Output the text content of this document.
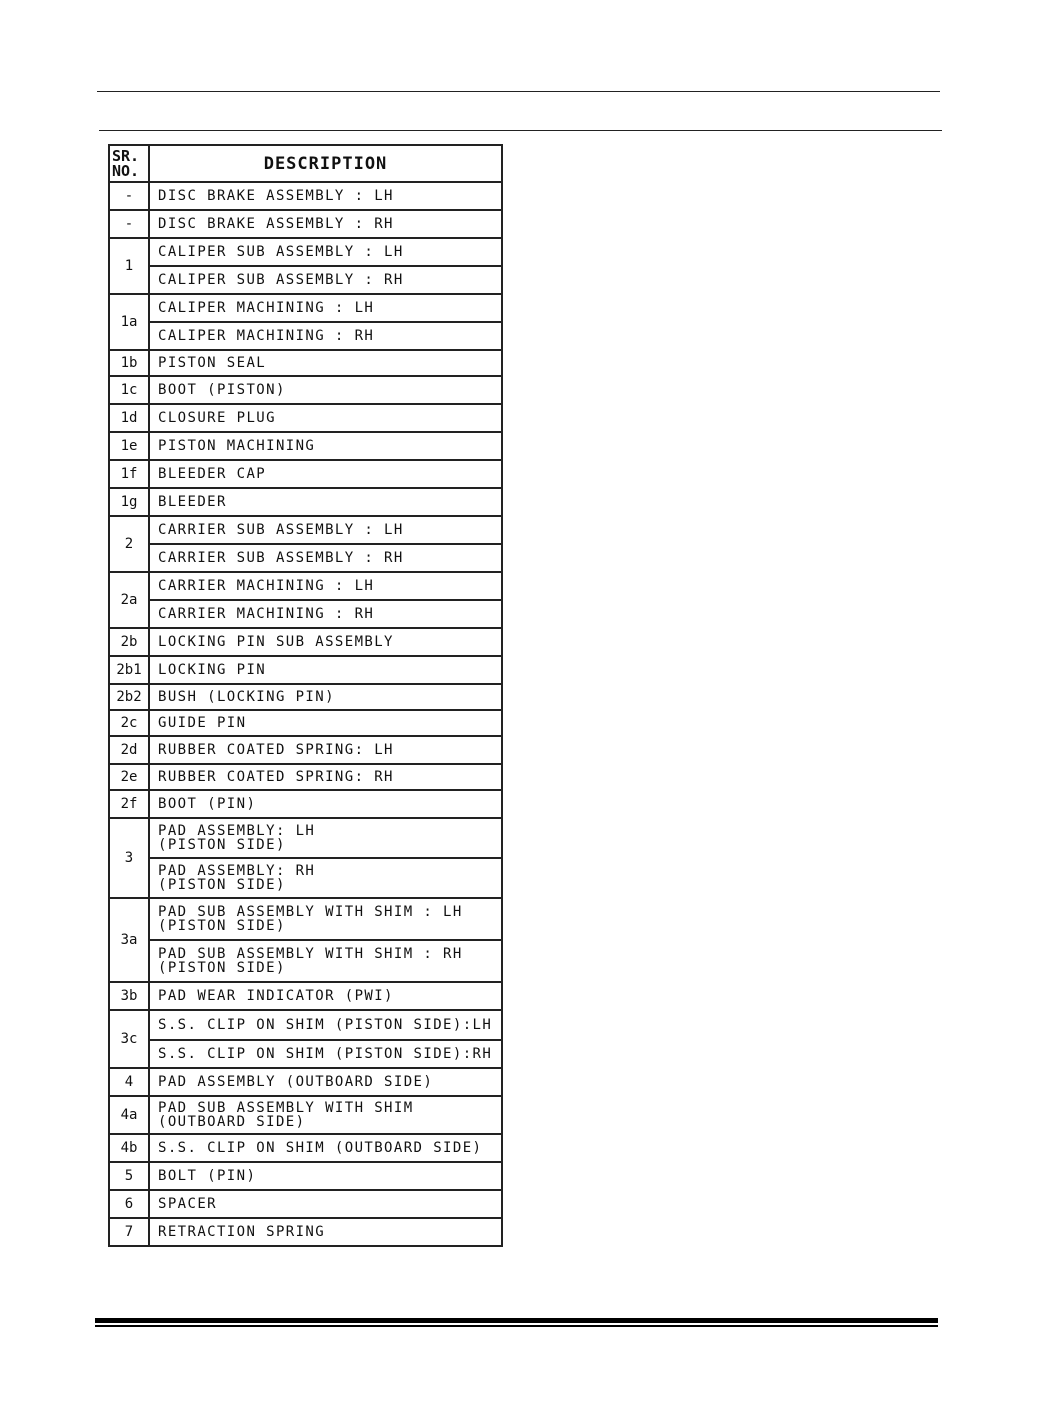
SR.
NO.	DESCRIPTION
-	DISC BRAKE ASSEMBLY : LH

-	DISC BRAKE ASSEMBLY : RH

1	CALIPER SUB ASSEMBLY : LH

	CALIPER SUB ASSEMBLY : RH

1a	CALIPER MACHINING : LH

	CALIPER MACHINING : RH

1b	PISTON SEAL

1c	BOOT (PISTON)

1d	CLOSURE PLUG

1e	PISTON MACHINING

1f	BLEEDER CAP

1g	BLEEDER

2	CARRIER SUB ASSEMBLY : LH

	CARRIER SUB ASSEMBLY : RH

2a	CARRIER MACHINING : LH

	CARRIER MACHINING : RH

2b	LOCKING PIN SUB ASSEMBLY

2b1	LOCKING PIN

2b2	BUSH (LOCKING PIN)

2c	GUIDE PIN

2d	RUBBER COATED SPRING: LH

2e	RUBBER COATED SPRING: RH

2f	BOOT (PIN)

3	PAD ASSEMBLY: LH
(PISTON SIDE)

	PAD ASSEMBLY: RH
(PISTON SIDE)

3a	PAD SUB ASSEMBLY WITH SHIM : LH
(PISTON SIDE)

	PAD SUB ASSEMBLY WITH SHIM : RH
(PISTON SIDE)

3b	PAD WEAR INDICATOR (PWI)

3c	S.S. CLIP ON SHIM (PISTON SIDE):LH

	S.S. CLIP ON SHIM (PISTON SIDE):RH

4	PAD ASSEMBLY (OUTBOARD SIDE)

4a	PAD SUB ASSEMBLY WITH SHIM
(OUTBOARD SIDE)

4b	S.S. CLIP ON SHIM (OUTBOARD SIDE)

5	BOLT (PIN)

6	SPACER

7	RETRACTION SPRING
